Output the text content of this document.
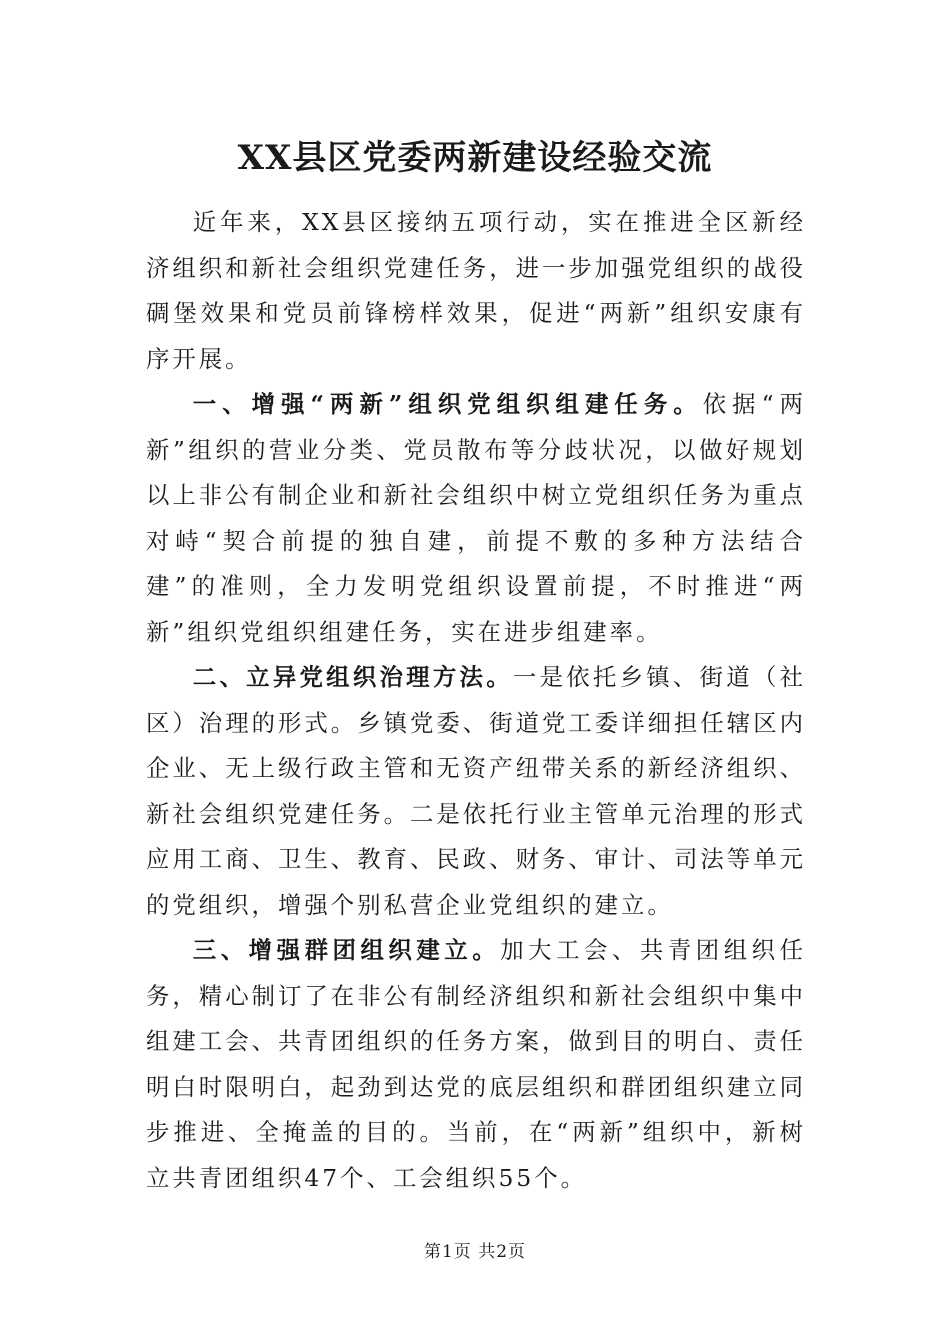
XX县区党委两新建设经验交流

近年来，XX县区接纳五项行动，实在推进全区新经济组织和新社会组织党建任务，进一步加强党组织的战役碉堡效果和党员前锋榜样效果，促进“两新”组织安康有序开展。

一、增强“两新”组织党组织组建任务。依据“两新”组织的营业分类、党员散布等分歧状况，以做好规划以上非公有制企业和新社会组织中树立党组织任务为重点对峙“契合前提的独自建，前提不敷的多种方法结合建”的准则，全力发明党组织设置前提，不时推进“两新”组织党组织组建任务，实在进步组建率。

二、立异党组织治理方法。一是依托乡镇、街道（社区）治理的形式。乡镇党委、街道党工委详细担任辖区内企业、无上级行政主管和无资产纽带关系的新经济组织、新社会组织党建任务。二是依托行业主管单元治理的形式应用工商、卫生、教育、民政、财务、审计、司法等单元的党组织，增强个别私营企业党组织的建立。

三、增强群团组织建立。加大工会、共青团组织任务，精心制订了在非公有制经济组织和新社会组织中集中组建工会、共青团组织的任务方案，做到目的明白、责任明白时限明白，起劲到达党的底层组织和群团组织建立同步推进、全掩盖的目的。当前，在“两新”组织中，新树立共青团组织47个、工会组织55个。

第1页 共2页
